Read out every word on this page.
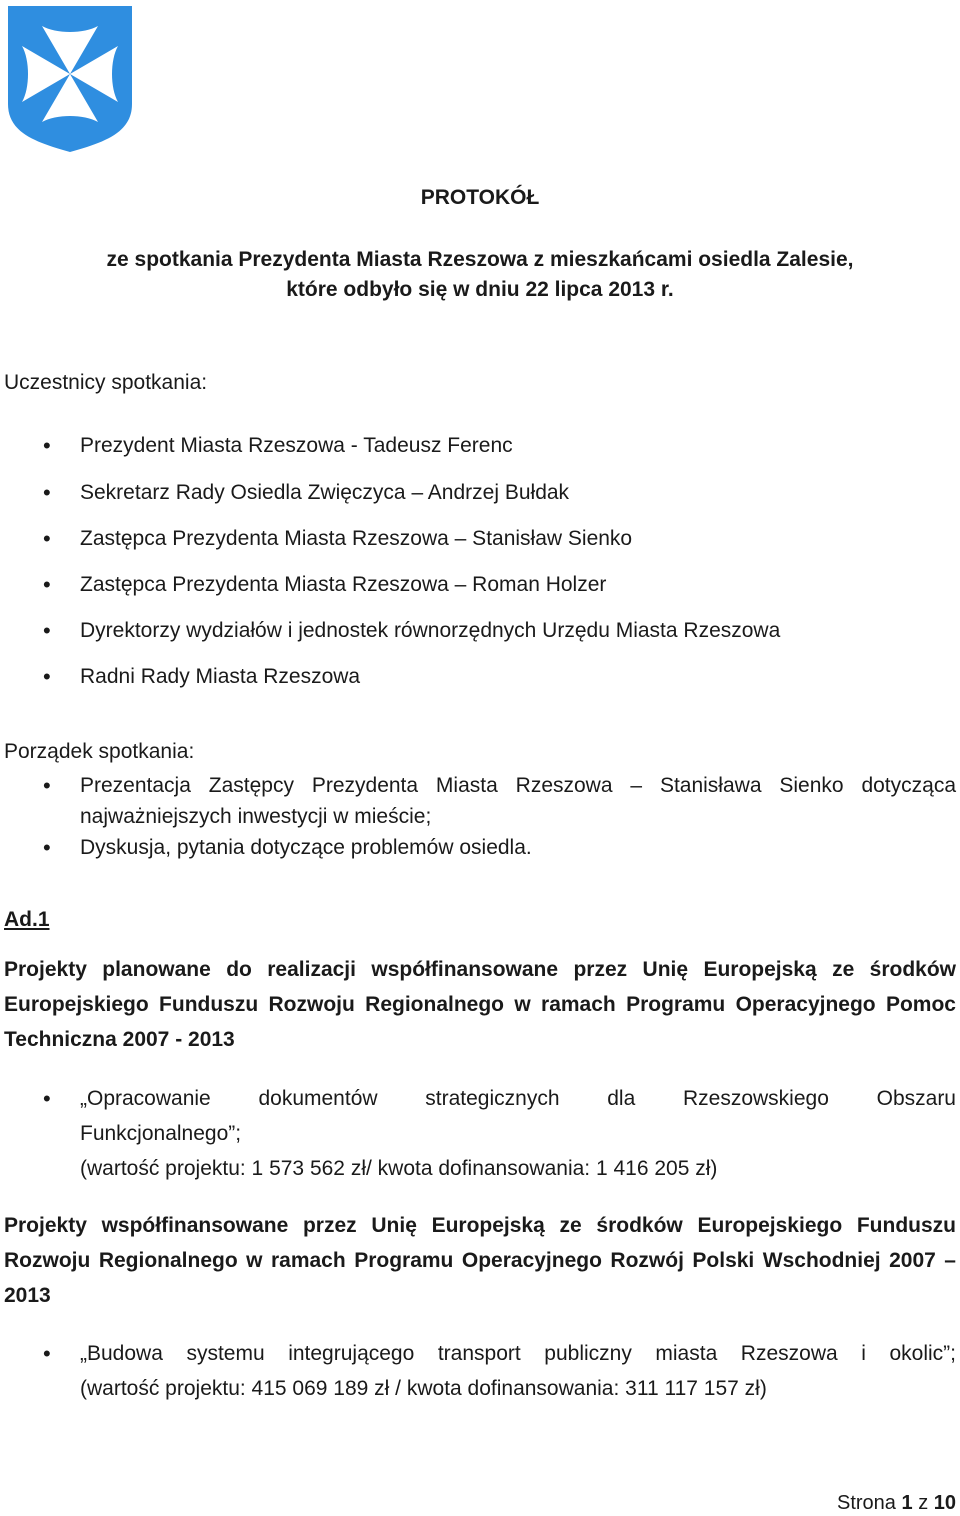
PROTOKÓŁ
ze spotkania Prezydenta Miasta Rzeszowa z mieszkańcami osiedla Zalesie,
które odbyło się w dniu 22 lipca 2013 r.
Uczestnicy spotkania:
• Prezydent Miasta Rzeszowa - Tadeusz Ferenc
• Sekretarz Rady Osiedla Zwięczyca – Andrzej Bułdak
• Zastępca Prezydenta Miasta Rzeszowa – Stanisław Sienko
• Zastępca Prezydenta Miasta Rzeszowa – Roman Holzer
• Dyrektorzy wydziałów i jednostek równorzędnych Urzędu Miasta Rzeszowa
• Radni Rady Miasta Rzeszowa
Porządek spotkania:
• Prezentacja Zastępcy Prezydenta Miasta Rzeszowa – Stanisława Sienko dotycząca
najważniejszych inwestycji w mieście;
• Dyskusja, pytania dotyczące problemów osiedla.
Ad.1
Projekty planowane do realizacji współfinansowane przez Unię Europejską ze środków Europejskiego Funduszu Rozwoju Regionalnego w ramach Programu Operacyjnego Pomoc Techniczna 2007 - 2013
• „Opracowanie dokumentów strategicznych dla Rzeszowskiego Obszaru
Funkcjonalnego”;
(wartość projektu: 1 573 562 zł/ kwota dofinansowania: 1 416 205 zł)
Projekty współfinansowane przez Unię Europejską ze środków Europejskiego Funduszu Rozwoju Regionalnego w ramach Programu Operacyjnego Rozwój Polski Wschodniej 2007 – 2013
• „Budowa systemu integrującego transport publiczny miasta Rzeszowa i okolic”;
(wartość projektu: 415 069 189 zł / kwota dofinansowania: 311 117 157 zł)
Strona 1 z 10
